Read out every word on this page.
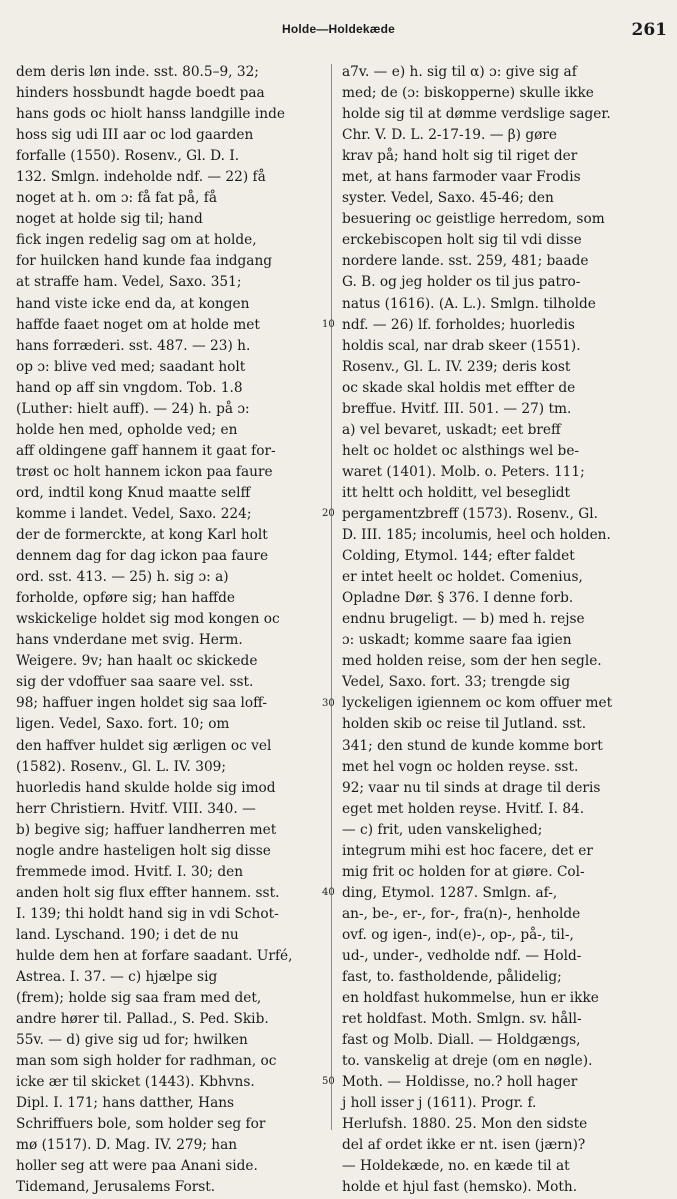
Holde—Holdekæde	261
dem deris løn inde. sst. 80.5–9, 32;
hinders hossbundt hagde boedt paa
hans gods oc hiolt hanss landgille inde
hoss sig udi III aar oc lod gaarden
forfalle (1550). Rosenv., Gl. D. I.
132. Smlgn. indeholde ndf. — 22) få
noget at h. om ɔ: få fat på, få
noget at holde sig til; hand
fick ingen redelig sag om at holde,
for huilcken hand kunde faa indgang
at straffe ham. Vedel, Saxo. 351;
hand viste icke end da, at kongen
haffde faaet noget om at holde met
hans forræderi. sst. 487. — 23) h.
op ɔ: blive ved med; saadant holt
hand op aff sin vngdom. Tob. 1.8
(Luther: hielt auff). — 24) h. på ɔ:
holde hen med, opholde ved; en
aff oldingene gaff hannem it gaat for-
trøst oc holt hannem ickon paa faure
ord, indtil kong Knud maatte selff
komme i landet. Vedel, Saxo. 224;
der de formerckte, at kong Karl holt
dennem dag for dag ickon paa faure
ord. sst. 413. — 25) h. sig ɔ: a)
forholde, opføre sig; han haffde
wskickelige holdet sig mod kongen oc
hans vnderdane met svig. Herm.
Weigere. 9v; han haalt oc skickede
sig der vdoffuer saa saare vel. sst.
98; haffuer ingen holdet sig saa loff-
ligen. Vedel, Saxo. fort. 10; om
den haffver huldet sig ærligen oc vel
(1582). Rosenv., Gl. L. IV. 309;
huorledis hand skulde holde sig imod
herr Christiern. Hvitf. VIII. 340. —
b) begive sig; haffuer landherren met
nogle andre hasteligen holt sig disse
fremmede imod. Hvitf. I. 30; den
anden holt sig flux effter hannem. sst.
I. 139; thi holdt hand sig in vdi Schot-
land. Lyschand. 190; i det de nu
hulde dem hen at forfare saadant. Urfé,
Astrea. I. 37. — c) hjælpe sig
(frem); holde sig saa fram med det,
andre hører til. Pallad., S. Ped. Skib.
55v. — d) give sig ud for; hwilken
man som sigh holder for radhman, oc
icke ær til skicket (1443). Kbhvns.
Dipl. I. 171; hans datther, Hans
Schriffuers bole, som holder seg for
mø (1517). D. Mag. IV. 279; han
holler seg att were paa Anani side.
Tidemand, Jerusalems Forst.
10
20
30
40
50
a7v. — e) h. sig til α) ɔ: give sig af
med; de (ɔ: biskopperne) skulle ikke
holde sig til at dømme verdslige sager.
Chr. V. D. L. 2-17-19. — β) gøre
krav på; hand holt sig til riget der
met, at hans farmoder vaar Frodis
syster. Vedel, Saxo. 45-46; den
besuering oc geistlige herredom, som
erckebiscopen holt sig til vdi disse
nordere lande. sst. 259, 481; baade
G. B. og jeg holder os til jus patro-
natus (1616). (A. L.). Smlgn. tilholde
ndf. — 26) lf. forholdes; huorledis
holdis scal, nar drab skeer (1551).
Rosenv., Gl. L. IV. 239; deris kost
oc skade skal holdis met effter de
breffue. Hvitf. III. 501. — 27) tm.
a) vel bevaret, uskadt; eet breff
helt oc holdet oc alsthings wel be-
waret (1401). Molb. o. Peters. 111;
itt heltt och holditt, vel beseglidt
pergamentzbreff (1573). Rosenv., Gl.
D. III. 185; incolumis, heel och holden.
Colding, Etymol. 144; efter faldet
er intet heelt oc holdet. Comenius,
Opladne Dør. § 376. I denne forb.
endnu brugeligt. — b) med h. rejse
ɔ: uskadt; komme saare faa igien
med holden reise, som der hen segle.
Vedel, Saxo. fort. 33; trengde sig
lyckeligen igiennem oc kom offuer met
holden skib oc reise til Jutland. sst.
341; den stund de kunde komme bort
met hel vogn oc holden reyse. sst.
92; vaar nu til sinds at drage til deris
eget met holden reyse. Hvitf. I. 84.
— c) frit, uden vanskelighed;
integrum mihi est hoc facere, det er
mig frit oc holden for at giøre. Col-
ding, Etymol. 1287. Smlgn. af-,
an-, be-, er-, for-, fra(n)-, henholde
ovf. og igen-, ind(e)-, op-, på-, til-,
ud-, under-, vedholde ndf. — Hold-
fast, to. fastholdende, pålidelig;
en holdfast hukommelse, hun er ikke
ret holdfast. Moth. Smlgn. sv. håll-
fast og Molb. Diall. — Holdgængs,
to. vanskelig at dreje (om en nøgle).
Moth. — Holdisse, no.? holl hager
j holl isser j (1611). Progr. f.
Herlufsh. 1880. 25. Mon den sidste
del af ordet ikke er nt. isen (jærn)?
— Holdekæde, no. en kæde til at
holde et hjul fast (hemsko). Moth.
